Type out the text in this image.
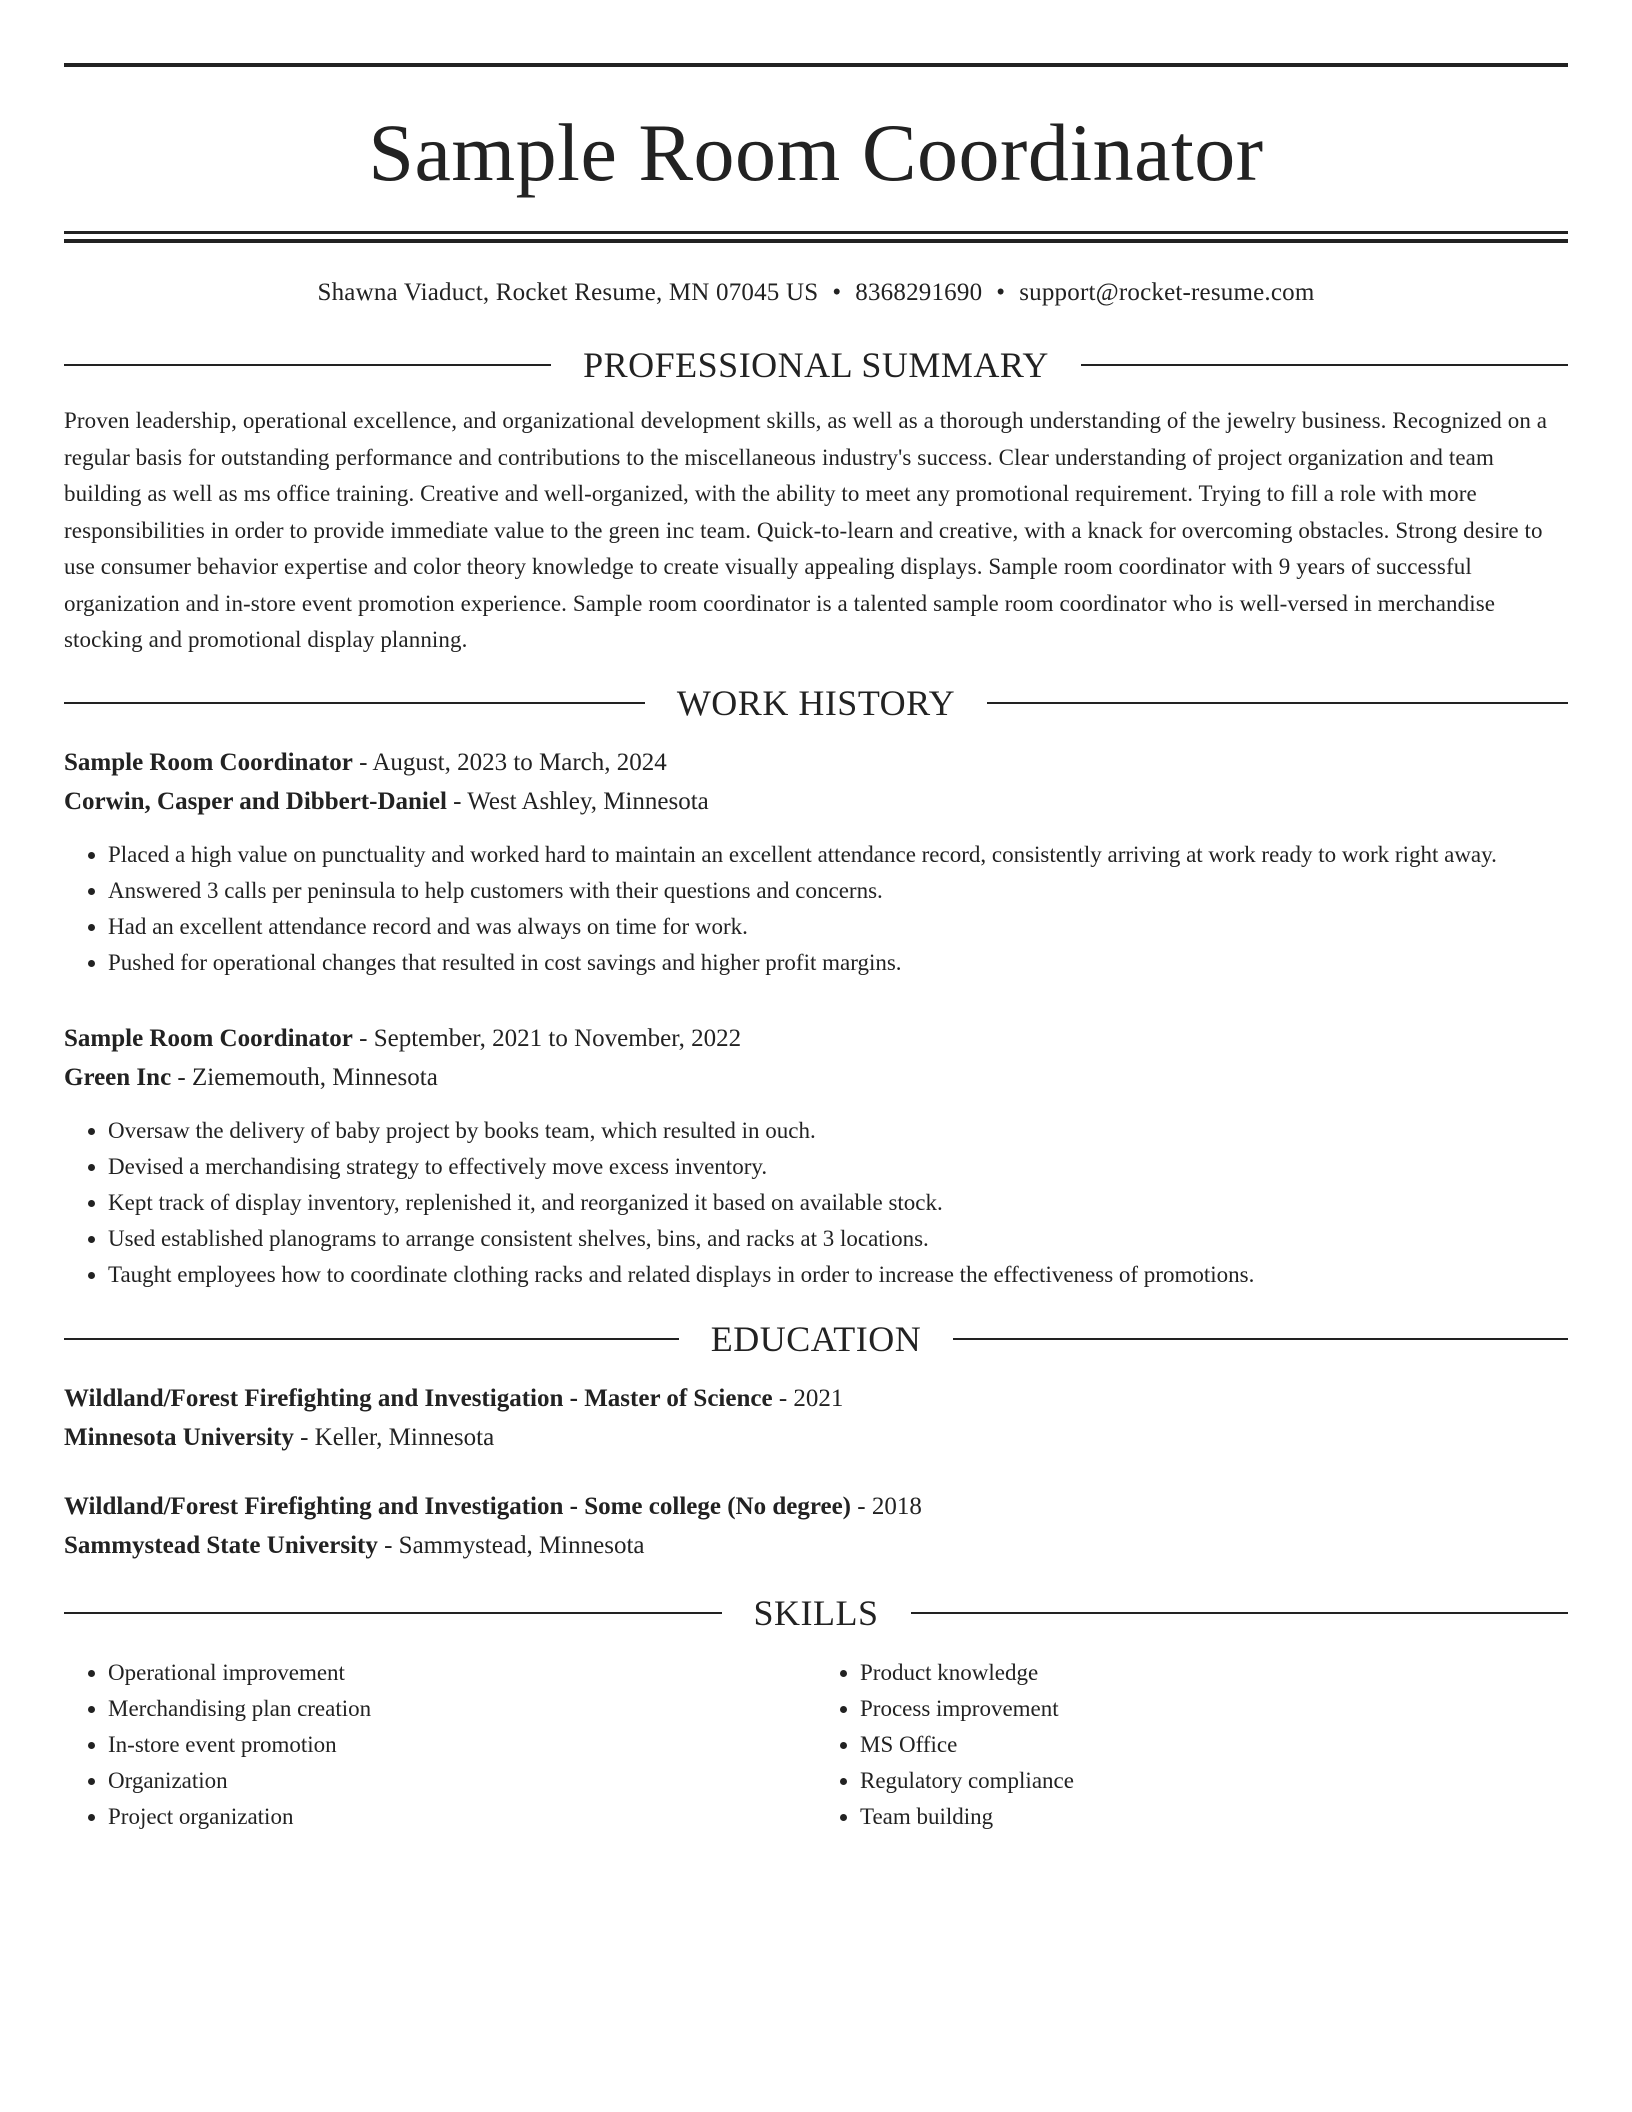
Sample Room Coordinator
Shawna Viaduct, Rocket Resume, MN 07045 US • 8368291690 • support@rocket-resume.com
PROFESSIONAL SUMMARY
Proven leadership, operational excellence, and organizational development skills, as well as a thorough understanding of the jewelry business. Recognized on a regular basis for outstanding performance and contributions to the miscellaneous industry's success. Clear understanding of project organization and team building as well as ms office training. Creative and well-organized, with the ability to meet any promotional requirement. Trying to fill a role with more responsibilities in order to provide immediate value to the green inc team. Quick-to-learn and creative, with a knack for overcoming obstacles. Strong desire to use consumer behavior expertise and color theory knowledge to create visually appealing displays. Sample room coordinator with 9 years of successful organization and in-store event promotion experience. Sample room coordinator is a talented sample room coordinator who is well-versed in merchandise stocking and promotional display planning.
WORK HISTORY
Sample Room Coordinator - August, 2023 to March, 2024
Corwin, Casper and Dibbert-Daniel - West Ashley, Minnesota
• Placed a high value on punctuality and worked hard to maintain an excellent attendance record, consistently arriving at work ready to work right away.
• Answered 3 calls per peninsula to help customers with their questions and concerns.
• Had an excellent attendance record and was always on time for work.
• Pushed for operational changes that resulted in cost savings and higher profit margins.
Sample Room Coordinator - September, 2021 to November, 2022
Green Inc - Ziememouth, Minnesota
• Oversaw the delivery of baby project by books team, which resulted in ouch.
• Devised a merchandising strategy to effectively move excess inventory.
• Kept track of display inventory, replenished it, and reorganized it based on available stock.
• Used established planograms to arrange consistent shelves, bins, and racks at 3 locations.
• Taught employees how to coordinate clothing racks and related displays in order to increase the effectiveness of promotions.
EDUCATION
Wildland/Forest Firefighting and Investigation - Master of Science - 2021
Minnesota University - Keller, Minnesota
Wildland/Forest Firefighting and Investigation - Some college (No degree) - 2018
Sammystead State University - Sammystead, Minnesota
SKILLS
• Operational improvement
• Merchandising plan creation
• In-store event promotion
• Organization
• Project organization
• Product knowledge
• Process improvement
• MS Office
• Regulatory compliance
• Team building
